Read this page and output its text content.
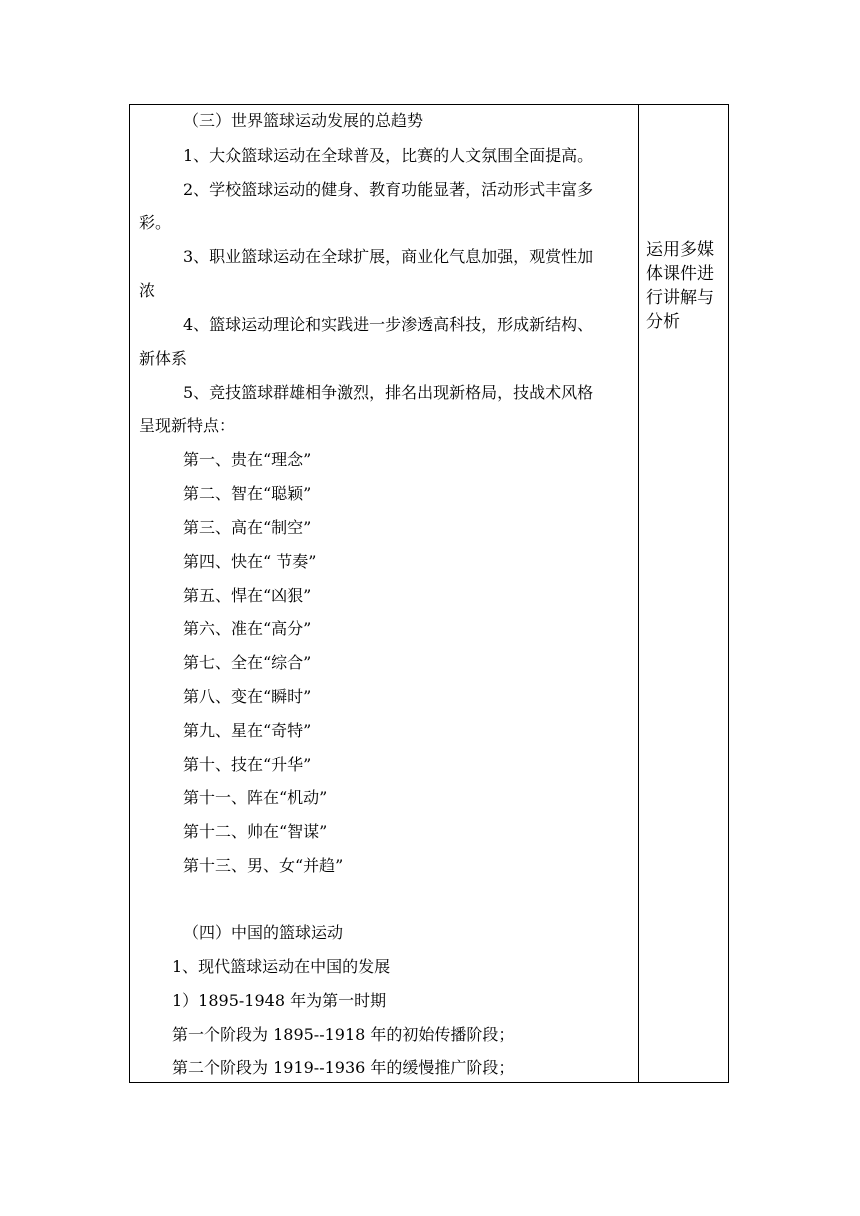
（三）世界篮球运动发展的总趋势
1、大众篮球运动在全球普及，比赛的人文氛围全面提高。
2、学校篮球运动的健身、教育功能显著，活动形式丰富多
彩。
3、职业篮球运动在全球扩展，商业化气息加强，观赏性加
浓
4、篮球运动理论和实践进一步渗透高科技，形成新结构、
新体系
5、竞技篮球群雄相争激烈，排名出现新格局，技战术风格
呈现新特点：
第一、贵在“理念”
第二、智在“聪颖”
第三、高在“制空”
第四、快在“ 节奏”
第五、悍在“凶狠”
第六、准在“高分”
第七、全在“综合”
第八、变在“瞬时”
第九、星在“奇特”
第十、技在“升华”
第十一、阵在“机动”
第十二、帅在“智谋”
第十三、男、女“并趋”
（四）中国的篮球运动
1、现代篮球运动在中国的发展
1）1895-1948 年为第一时期
第一个阶段为 1895--1918 年的初始传播阶段；
第二个阶段为 1919--1936 年的缓慢推广阶段；
运用多媒
体课件进
行讲解与
分析
